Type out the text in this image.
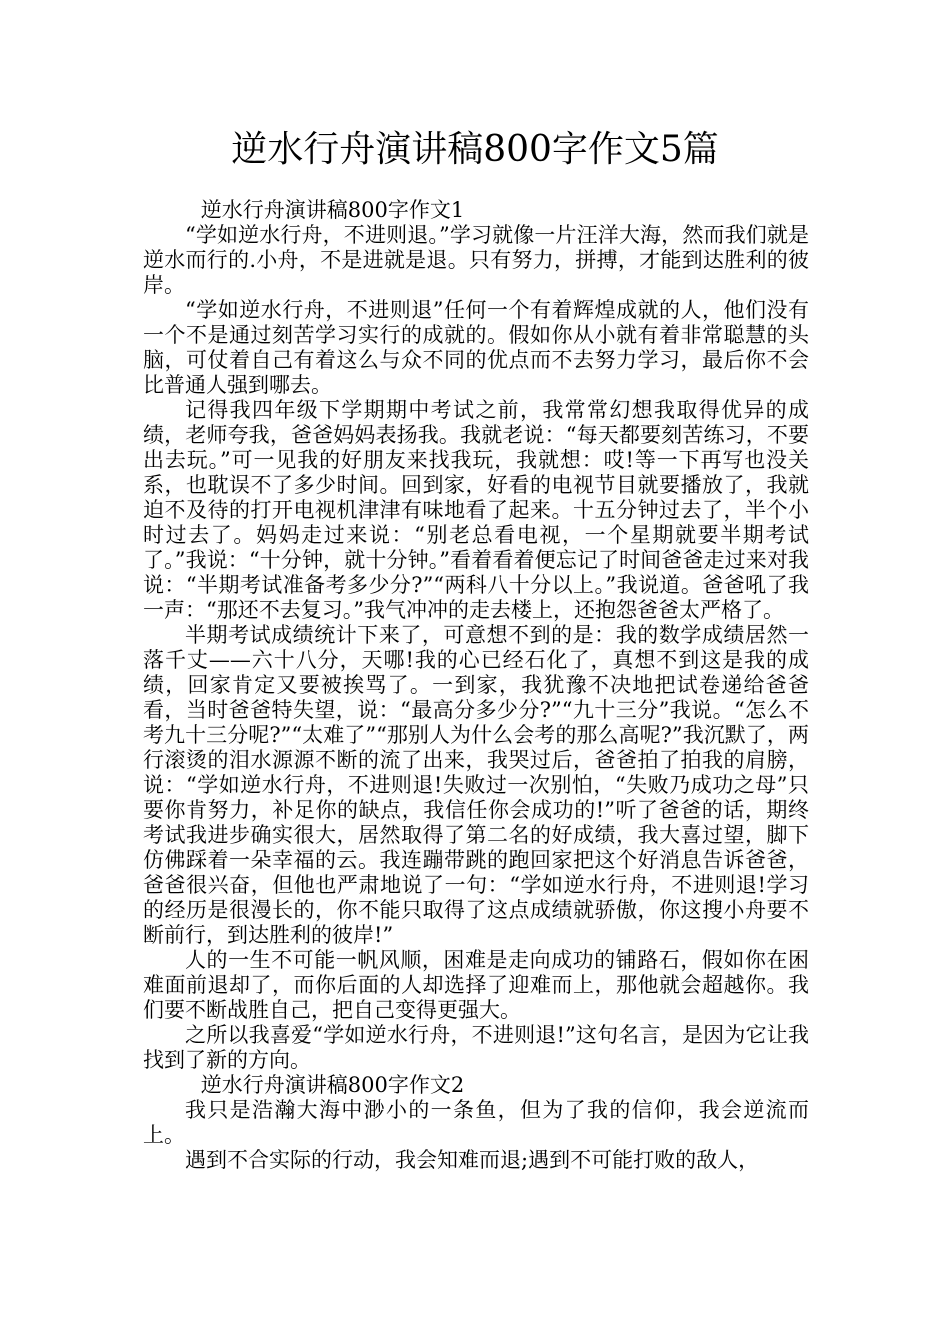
逆水行舟演讲稿800字作文5篇

逆水行舟演讲稿800字作文1

“学如逆水行舟，不进则退。”学习就像一片汪洋大海，然而我们就是逆水而行的.小舟，不是进就是退。只有努力，拼搏，才能到达胜利的彼岸。

“学如逆水行舟，不进则退”任何一个有着辉煌成就的人，他们没有一个不是通过刻苦学习实行的成就的。假如你从小就有着非常聪慧的头脑，可仗着自己有着这么与众不同的优点而不去努力学习，最后你不会比普通人强到哪去。

记得我四年级下学期期中考试之前，我常常幻想我取得优异的成绩，老师夸我，爸爸妈妈表扬我。我就老说：“每天都要刻苦练习，不要出去玩。”可一见我的好朋友来找我玩，我就想：哎!等一下再写也没关系，也耽误不了多少时间。回到家，好看的电视节目就要播放了，我就迫不及待的打开电视机津津有味地看了起来。十五分钟过去了，半个小时过去了。妈妈走过来说：“别老总看电视，一个星期就要半期考试了。”我说：“十分钟，就十分钟。”看着看着便忘记了时间爸爸走过来对我说：“半期考试准备考多少分?”“两科八十分以上。”我说道。爸爸吼了我一声：“那还不去复习。”我气冲冲的走去楼上，还抱怨爸爸太严格了。

半期考试成绩统计下来了，可意想不到的是：我的数学成绩居然一落千丈——六十八分，天哪!我的心已经石化了，真想不到这是我的成绩，回家肯定又要被挨骂了。一到家，我犹豫不决地把试卷递给爸爸看，当时爸爸特失望，说：“最高分多少分?”“九十三分”我说。“怎么不考九十三分呢?”“太难了”“那别人为什么会考的那么高呢?”我沉默了，两行滚烫的泪水源源不断的流了出来，我哭过后，爸爸拍了拍我的肩膀，说：“学如逆水行舟，不进则退!失败过一次别怕，“失败乃成功之母”只要你肯努力，补足你的缺点，我信任你会成功的!”听了爸爸的话，期终考试我进步确实很大，居然取得了第二名的好成绩，我大喜过望，脚下仿佛踩着一朵幸福的云。我连蹦带跳的跑回家把这个好消息告诉爸爸，爸爸很兴奋，但他也严肃地说了一句：“学如逆水行舟，不进则退!学习的经历是很漫长的，你不能只取得了这点成绩就骄傲，你这搜小舟要不断前行，到达胜利的彼岸!”

人的一生不可能一帆风顺，困难是走向成功的铺路石，假如你在困难面前退却了，而你后面的人却选择了迎难而上，那他就会超越你。我们要不断战胜自己，把自己变得更强大。

之所以我喜爱“学如逆水行舟，不进则退!”这句名言，是因为它让我找到了新的方向。

逆水行舟演讲稿800字作文2

我只是浩瀚大海中渺小的一条鱼，但为了我的信仰，我会逆流而上。

遇到不合实际的行动，我会知难而退;遇到不可能打败的敌人，
